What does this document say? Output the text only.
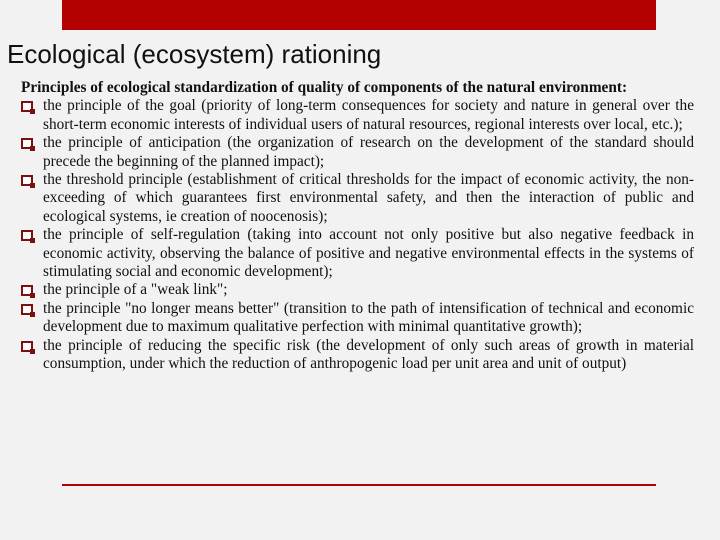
Ecological (ecosystem) rationing
Principles of ecological standardization of quality of components of the natural environment:
the principle of the goal (priority of long-term consequences for society and nature in general over the short-term economic interests of individual users of natural resources, regional interests over local, etc.);
the principle of anticipation (the organization of research on the development of the standard should precede the beginning of the planned impact);
the threshold principle (establishment of critical thresholds for the impact of economic activity, the non-exceeding of which guarantees first environmental safety, and then the interaction of public and ecological systems, ie creation of noocenosis);
the principle of self-regulation (taking into account not only positive but also negative feedback in economic activity, observing the balance of positive and negative environmental effects in the systems of stimulating social and economic development);
the principle of a "weak link";
the principle "no longer means better" (transition to the path of intensification of technical and economic development due to maximum qualitative perfection with minimal quantitative growth);
the principle of reducing the specific risk (the development of only such areas of growth in material consumption, under which the reduction of anthropogenic load per unit area and unit of output)
